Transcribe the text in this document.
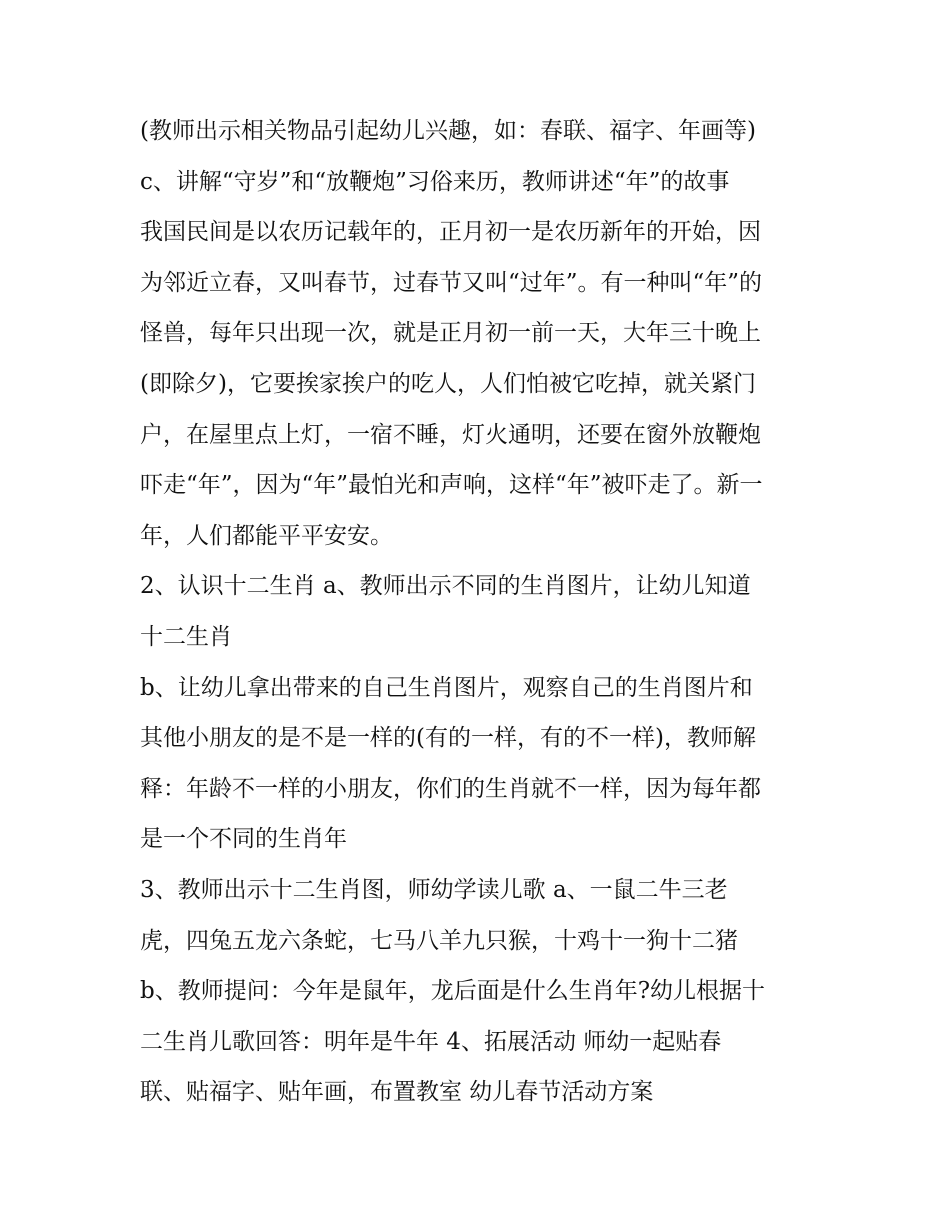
(教师出示相关物品引起幼儿兴趣，如：春联、福字、年画等)
c、讲解“守岁”和“放鞭炮”习俗来历，教师讲述“年”的故事
我国民间是以农历记载年的，正月初一是农历新年的开始，因
为邻近立春，又叫春节，过春节又叫“过年”。有一种叫“年”的
怪兽，每年只出现一次，就是正月初一前一天，大年三十晚上
(即除夕)，它要挨家挨户的吃人，人们怕被它吃掉，就关紧门
户，在屋里点上灯，一宿不睡，灯火通明，还要在窗外放鞭炮
吓走“年”，因为“年”最怕光和声响，这样“年”被吓走了。新一
年，人们都能平平安安。
2、认识十二生肖 a、教师出示不同的生肖图片，让幼儿知道
十二生肖
b、让幼儿拿出带来的自己生肖图片，观察自己的生肖图片和
其他小朋友的是不是一样的(有的一样，有的不一样)，教师解
释：年龄不一样的小朋友，你们的生肖就不一样，因为每年都
是一个不同的生肖年
3、教师出示十二生肖图，师幼学读儿歌 a、一鼠二牛三老
虎，四兔五龙六条蛇，七马八羊九只猴，十鸡十一狗十二猪
b、教师提问：今年是鼠年，龙后面是什么生肖年?幼儿根据十
二生肖儿歌回答：明年是牛年 4、拓展活动 师幼一起贴春
联、贴福字、贴年画，布置教室 幼儿春节活动方案
